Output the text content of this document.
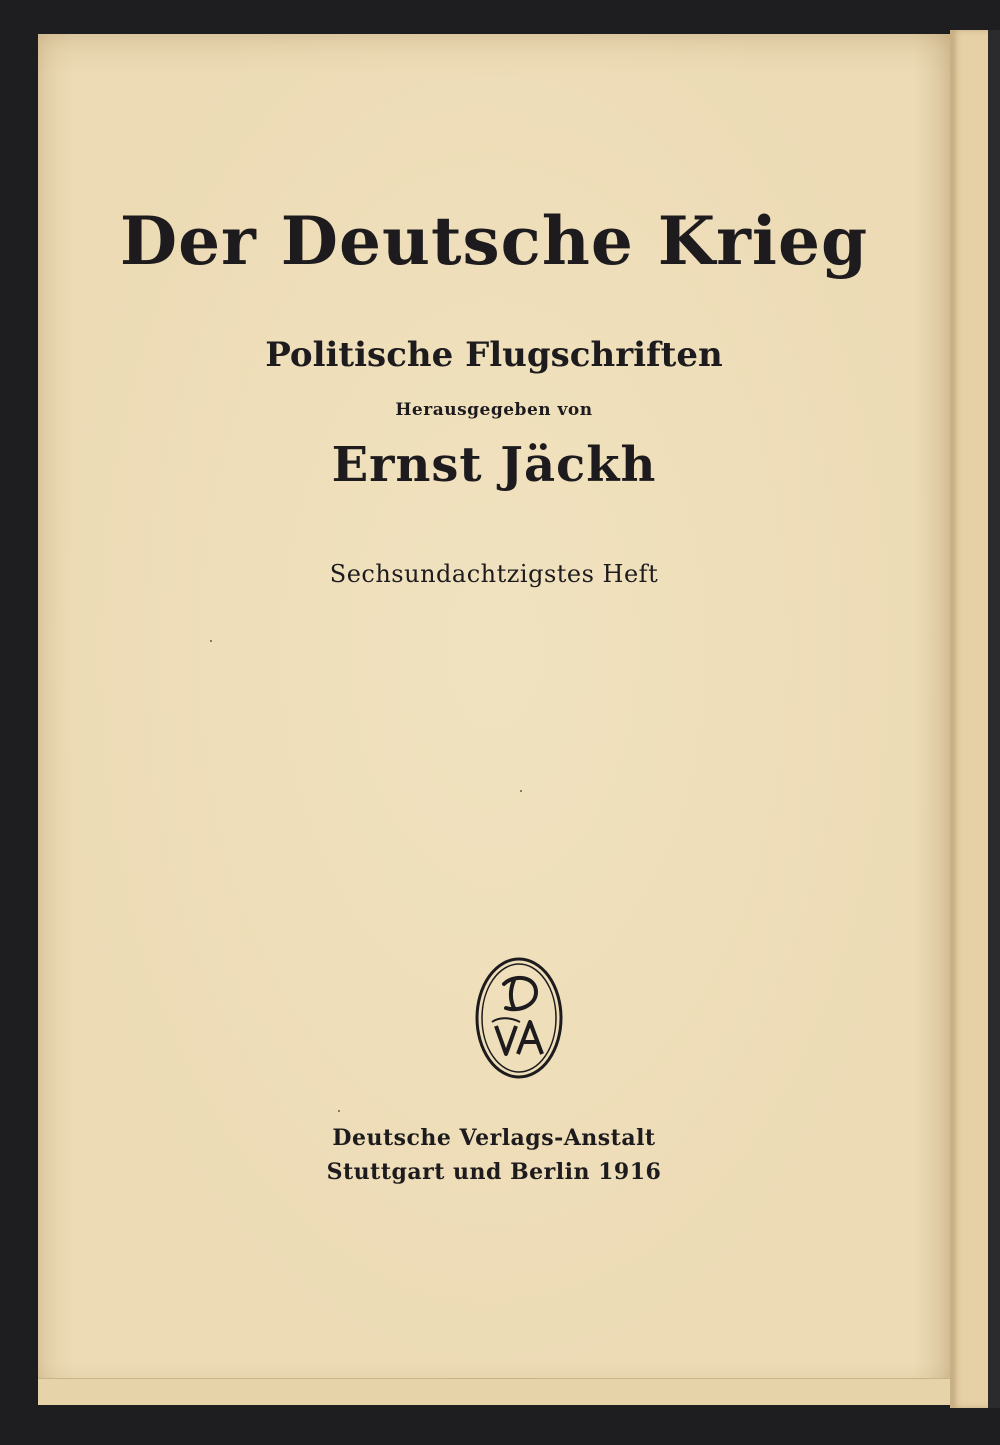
Der Deutsche Krieg
Politische Flugschriften
Herausgegeben von
Ernst Jäckh
Sechsundachtzigstes Heft
Deutsche Verlags-Anstalt
Stuttgart und Berlin 1916
